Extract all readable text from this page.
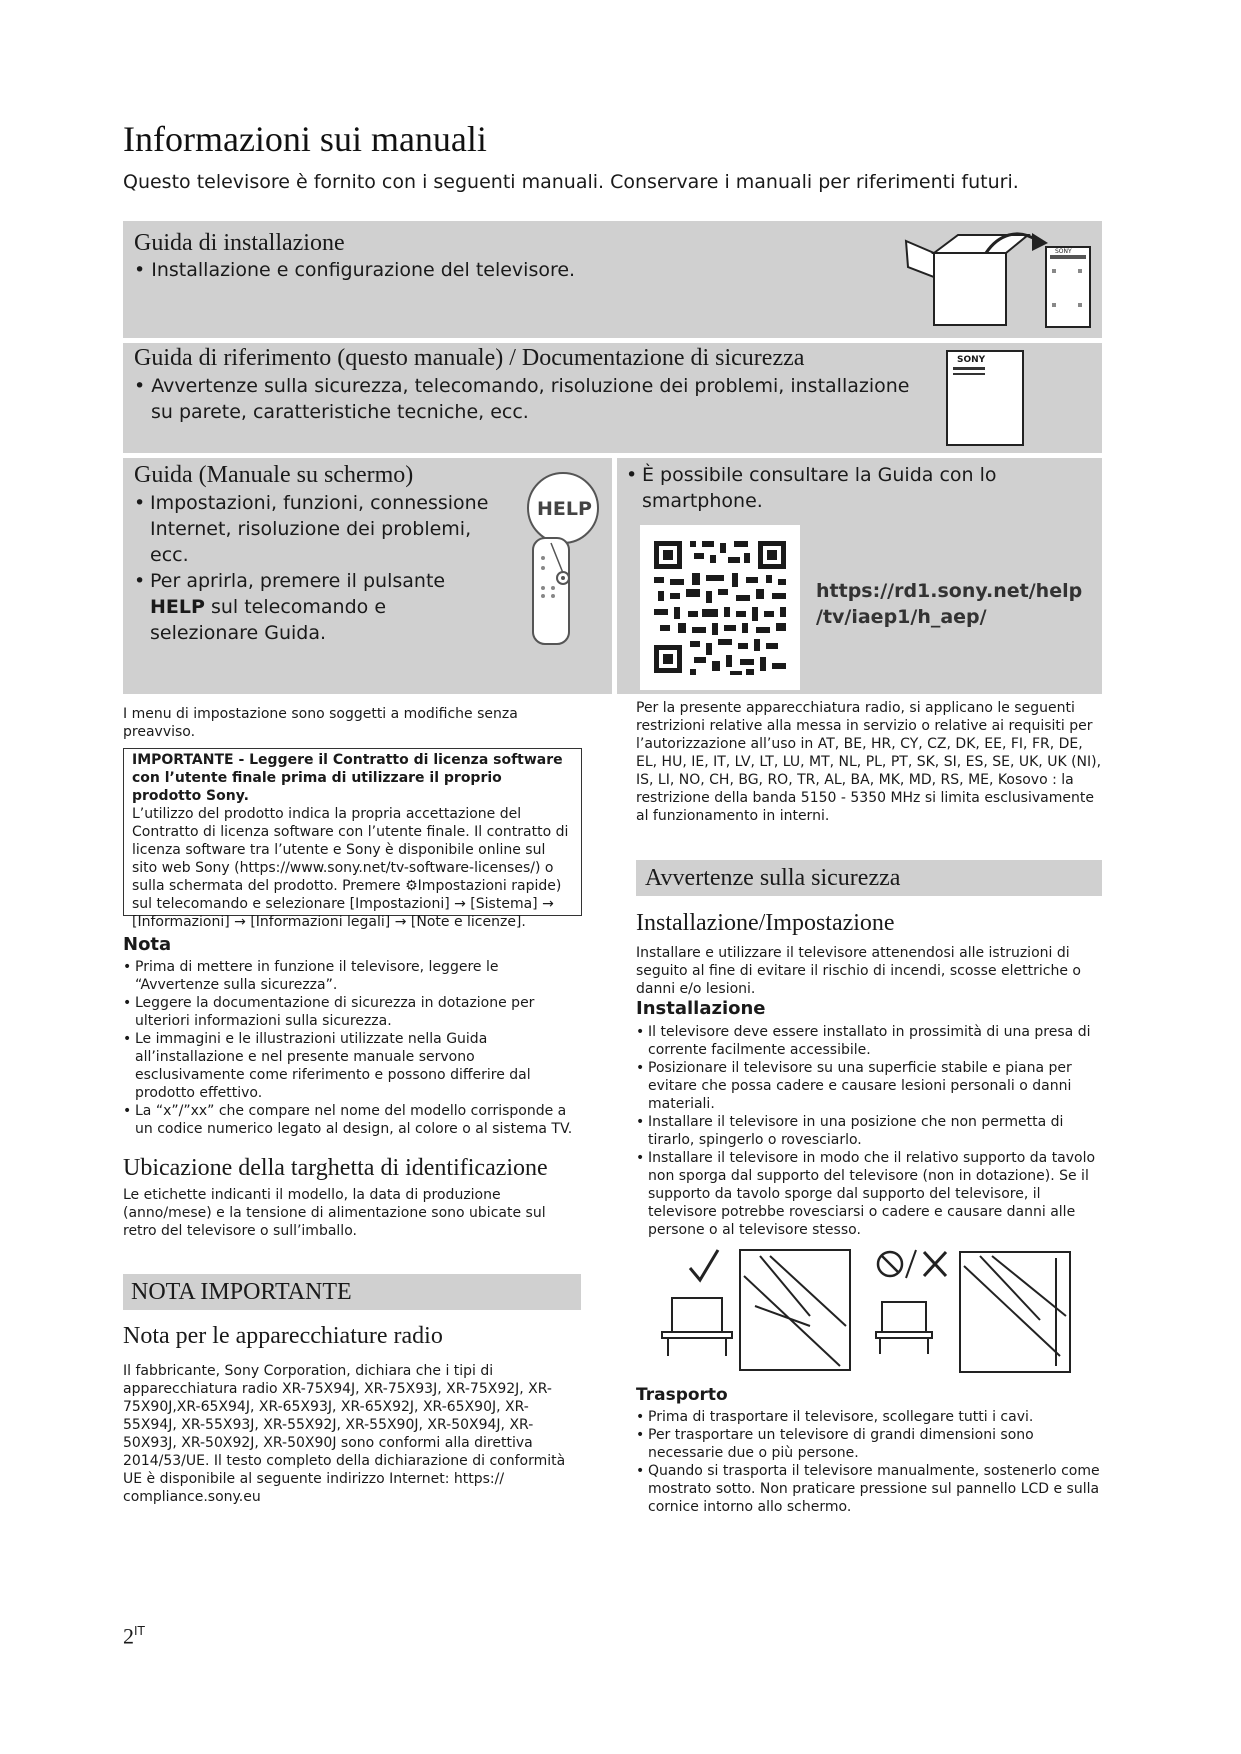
Informazioni sui manuali
Questo televisore è fornito con i seguenti manuali. Conservare i manuali per riferimenti futuri.
Guida di installazione
• Installazione e configurazione del televisore.
SONY
Guida di riferimento (questo manuale) / Documentazione di sicurezza
• Avvertenze sulla sicurezza, telecomando, risoluzione dei problemi, installazione
su parete, caratteristiche tecniche, ecc.
SONY
Guida (Manuale su schermo)
• Impostazioni, funzioni, connessione Internet, risoluzione dei problemi, ecc.
• Per aprirla, premere il pulsante HELP sul telecomando e selezionare Guida.
HELP
• È possibile consultare la Guida con lo smartphone.
https://rd1.sony.net/help
/tv/iaep1/h_aep/
I menu di impostazione sono soggetti a modifiche senza preavviso.
IMPORTANTE - Leggere il Contratto di licenza software con l’utente finale prima di utilizzare il proprio prodotto Sony.
L’utilizzo del prodotto indica la propria accettazione del Contratto di licenza software con l’utente finale. Il contratto di licenza software tra l’utente e Sony è disponibile online sul sito web Sony (https://www.sony.net/tv-software-licenses/) o sulla schermata del prodotto. Premere ⚙Impostazioni rapide) sul telecomando e selezionare [Impostazioni] → [Sistema] → [Informazioni] → [Informazioni legali] → [Note e licenze].
Nota
• Prima di mettere in funzione il televisore, leggere le “Avvertenze sulla sicurezza”.
• Leggere la documentazione di sicurezza in dotazione per ulteriori informazioni sulla sicurezza.
• Le immagini e le illustrazioni utilizzate nella Guida all’installazione e nel presente manuale servono esclusivamente come riferimento e possono differire dal prodotto effettivo.
• La “x”/”xx” che compare nel nome del modello corrisponde a un codice numerico legato al design, al colore o al sistema TV.
Ubicazione della targhetta di identificazione
Le etichette indicanti il modello, la data di produzione (anno/mese) e la tensione di alimentazione sono ubicate sul retro del televisore o sull’imballo.
NOTA IMPORTANTE
Nota per le apparecchiature radio
Il fabbricante, Sony Corporation, dichiara che i tipi di apparecchiatura radio XR-75X94J, XR-75X93J, XR-75X92J, XR-75X90J,XR-65X94J, XR-65X93J, XR-65X92J, XR-65X90J, XR-55X94J, XR-55X93J, XR-55X92J, XR-55X90J, XR-50X94J, XR-50X93J, XR-50X92J, XR-50X90J sono conformi alla direttiva 2014/53/UE. Il testo completo della dichiarazione di conformità UE è disponibile al seguente indirizzo Internet: https:// compliance.sony.eu
Per la presente apparecchiatura radio, si applicano le seguenti restrizioni relative alla messa in servizio o relative ai requisiti per l’autorizzazione all’uso in AT, BE, HR, CY, CZ, DK, EE, FI, FR, DE, EL, HU, IE, IT, LV, LT, LU, MT, NL, PL, PT, SK, SI, ES, SE, UK, UK (NI), IS, LI, NO, CH, BG, RO, TR, AL, BA, MK, MD, RS, ME, Kosovo : la restrizione della banda 5150 - 5350 MHz si limita esclusivamente al funzionamento in interni.
Avvertenze sulla sicurezza
Installazione/Impostazione
Installare e utilizzare il televisore attenendosi alle istruzioni di seguito al fine di evitare il rischio di incendi, scosse elettriche o danni e/o lesioni.
Installazione
• Il televisore deve essere installato in prossimità di una presa di corrente facilmente accessibile.
• Posizionare il televisore su una superficie stabile e piana per evitare che possa cadere e causare lesioni personali o danni materiali.
• Installare il televisore in una posizione che non permetta di tirarlo, spingerlo o rovesciarlo.
• Installare il televisore in modo che il relativo supporto da tavolo non sporga dal supporto del televisore (non in dotazione). Se il supporto da tavolo sporge dal supporto del televisore, il televisore potrebbe rovesciarsi o cadere e causare danni alle persone o al televisore stesso.
Trasporto
• Prima di trasportare il televisore, scollegare tutti i cavi.
• Per trasportare un televisore di grandi dimensioni sono necessarie due o più persone.
• Quando si trasporta il televisore manualmente, sostenerlo come mostrato sotto. Non praticare pressione sul pannello LCD e sulla cornice intorno allo schermo.
$2^{IT}$
